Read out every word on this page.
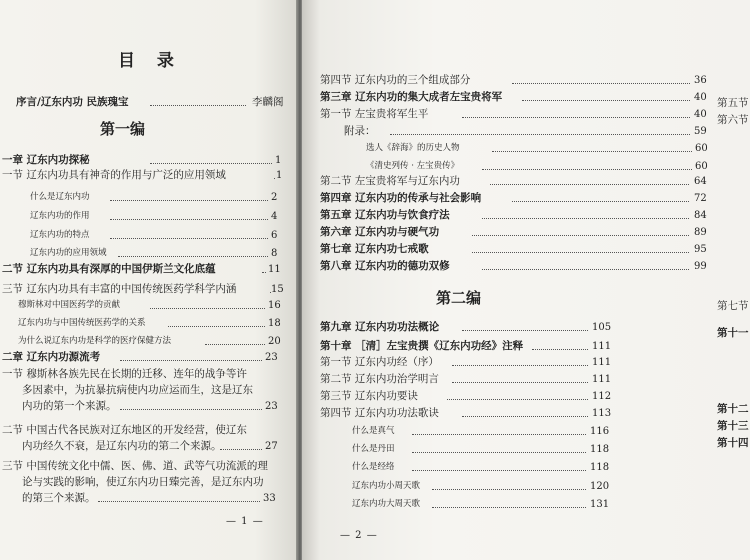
目 录
序言/辽东内功 民族瑰宝	李麟阁
第一编
一章 辽东内功探秘	1
一节 辽东内功具有神奇的作用与广泛的应用领域	1
什么是辽东内功	2
辽东内功的作用	4
辽东内功的特点	6
辽东内功的应用领域	8
二节 辽东内功具有深厚的中国伊斯兰文化底蕴	11
三节 辽东内功具有丰富的中国传统医药学科学内涵	15
穆斯林对中国医药学的贡献	16
辽东内功与中国传统医药学的关系	18
为什么说辽东内功是科学的医疗保健方法	20
二章 辽东内功源流考	23
一节 穆斯林各族先民在长期的迁移、连年的战争等许
多因素中，为抗暴抗病使内功应运而生，这是辽东
内功的第一个来源。	23
二节 中国古代各民族对辽东地区的开发经营，使辽东
内功经久不衰，是辽东内功的第二个来源。	27
三节 中国传统文化中儒、医、佛、道、武等气功流派的理
论与实践的影响，使辽东内功日臻完善，是辽东内功
的第三个来源。	33
— 1 —
第四节 辽东内功的三个组成部分	36
第三章 辽东内功的集大成者左宝贵将军	40
第一节 左宝贵将军生平	40
附录：	59
选人《辞海》的历史人物	60
《清史列传 · 左宝贵传》	60
第二节 左宝贵将军与辽东内功	64
第四章 辽东内功的传承与社会影响	72
第五章 辽东内功与饮食疗法	84
第六章 辽东内功与硬气功	89
第七章 辽东内功七戒歌	95
第八章 辽东内功的德功双修	99
第二编
第九章 辽东内功功法概论	105
第十章 ［清］左宝贵撰《辽东内功经》注释	111
第一节 辽东内功经（序）	111
第二节 辽东内功治学明言	111
第三节 辽东内功要诀	112
第四节 辽东内功功法歌诀	113
什么是真气	116
什么是丹田	118
什么是经络	118
辽东内功小周天歌	120
辽东内功大周天歌	131
— 2 —
第五节
第六节
第七节
第十一
第十二
第十三
第十四
